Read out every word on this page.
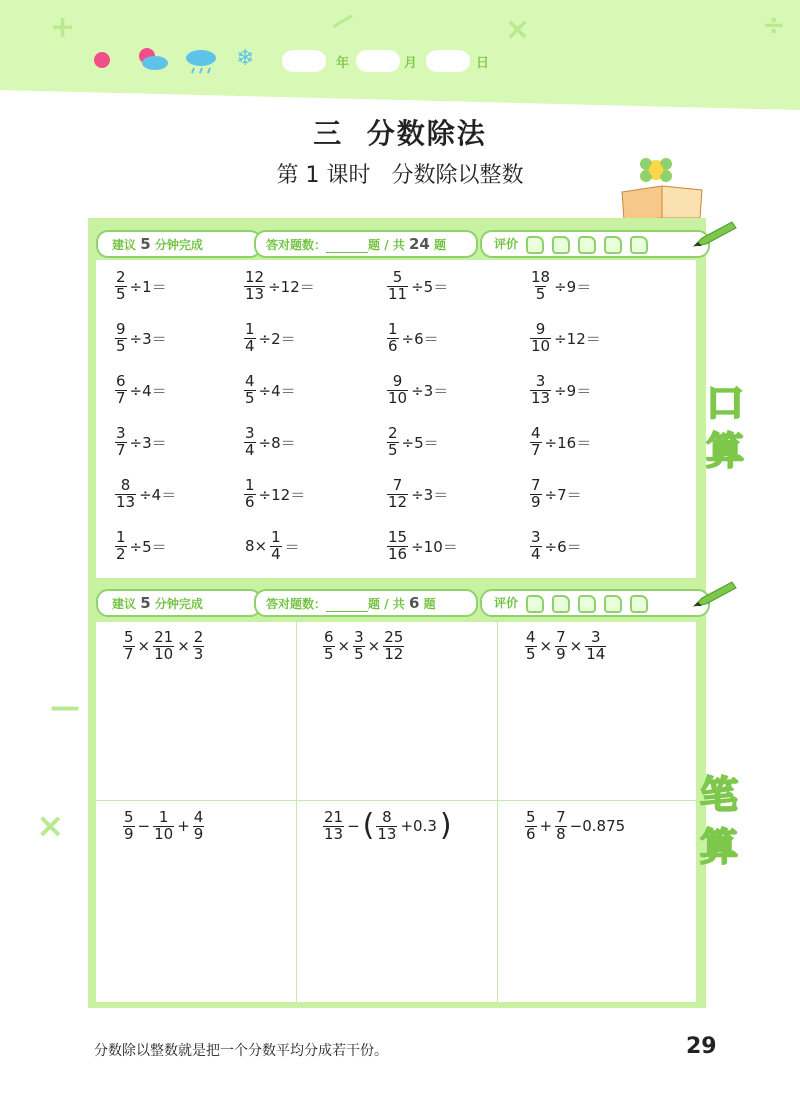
+	×	÷
—
❄	年	月	日
三  分数除法
第 1 课时   分数除以整数
—
×
建议 5 分钟完成	答对题数：	题 / 共 24 题	评价
$\frac{2}{5} \div 1=$	$\frac{12}{13} \div 12=$	$\frac{5}{11} \div 5=$	$\frac{18}{5} \div 9=$
$\frac{9}{5} \div 3=$	$\frac{1}{4} \div 2=$	$\frac{1}{6} \div 6=$	$\frac{9}{10} \div 12=$
$\frac{6}{7} \div 4=$	$\frac{4}{5} \div 4=$	$\frac{9}{10} \div 3=$	$\frac{3}{13} \div 9=$
$\frac{3}{7} \div 3=$	$\frac{3}{4} \div 8=$	$\frac{2}{5} \div 5=$	$\frac{4}{7} \div 16=$
$\frac{8}{13} \div 4=$	$\frac{1}{6} \div 12=$	$\frac{7}{12} \div 3=$	$\frac{7}{9} \div 7=$
$\frac{1}{2} \div 5=$	$8\times \frac{1}{4}$ ＝	$\frac{15}{16} \div 10=$	$\frac{3}{4} \div 6=$
口
算
建议 5 分钟完成	答对题数：	题 / 共 6 题	评价
$\frac{5}{7} \times \frac{21}{10} \times \frac{2}{3}$	$\frac{6}{5} \times \frac{3}{5} \times \frac{25}{12}$	$\frac{4}{5} \times \frac{7}{9} \times \frac{3}{14}$
$\frac{5}{9} - \frac{1}{10} + \frac{4}{9}$	$\frac{21}{13}$ − ( $\frac{8}{13} +0.3$ )	$\frac{5}{6} + \frac{7}{8} -0.875$
笔
算
分数除以整数就是把一个分数平均分成若干份。	29
